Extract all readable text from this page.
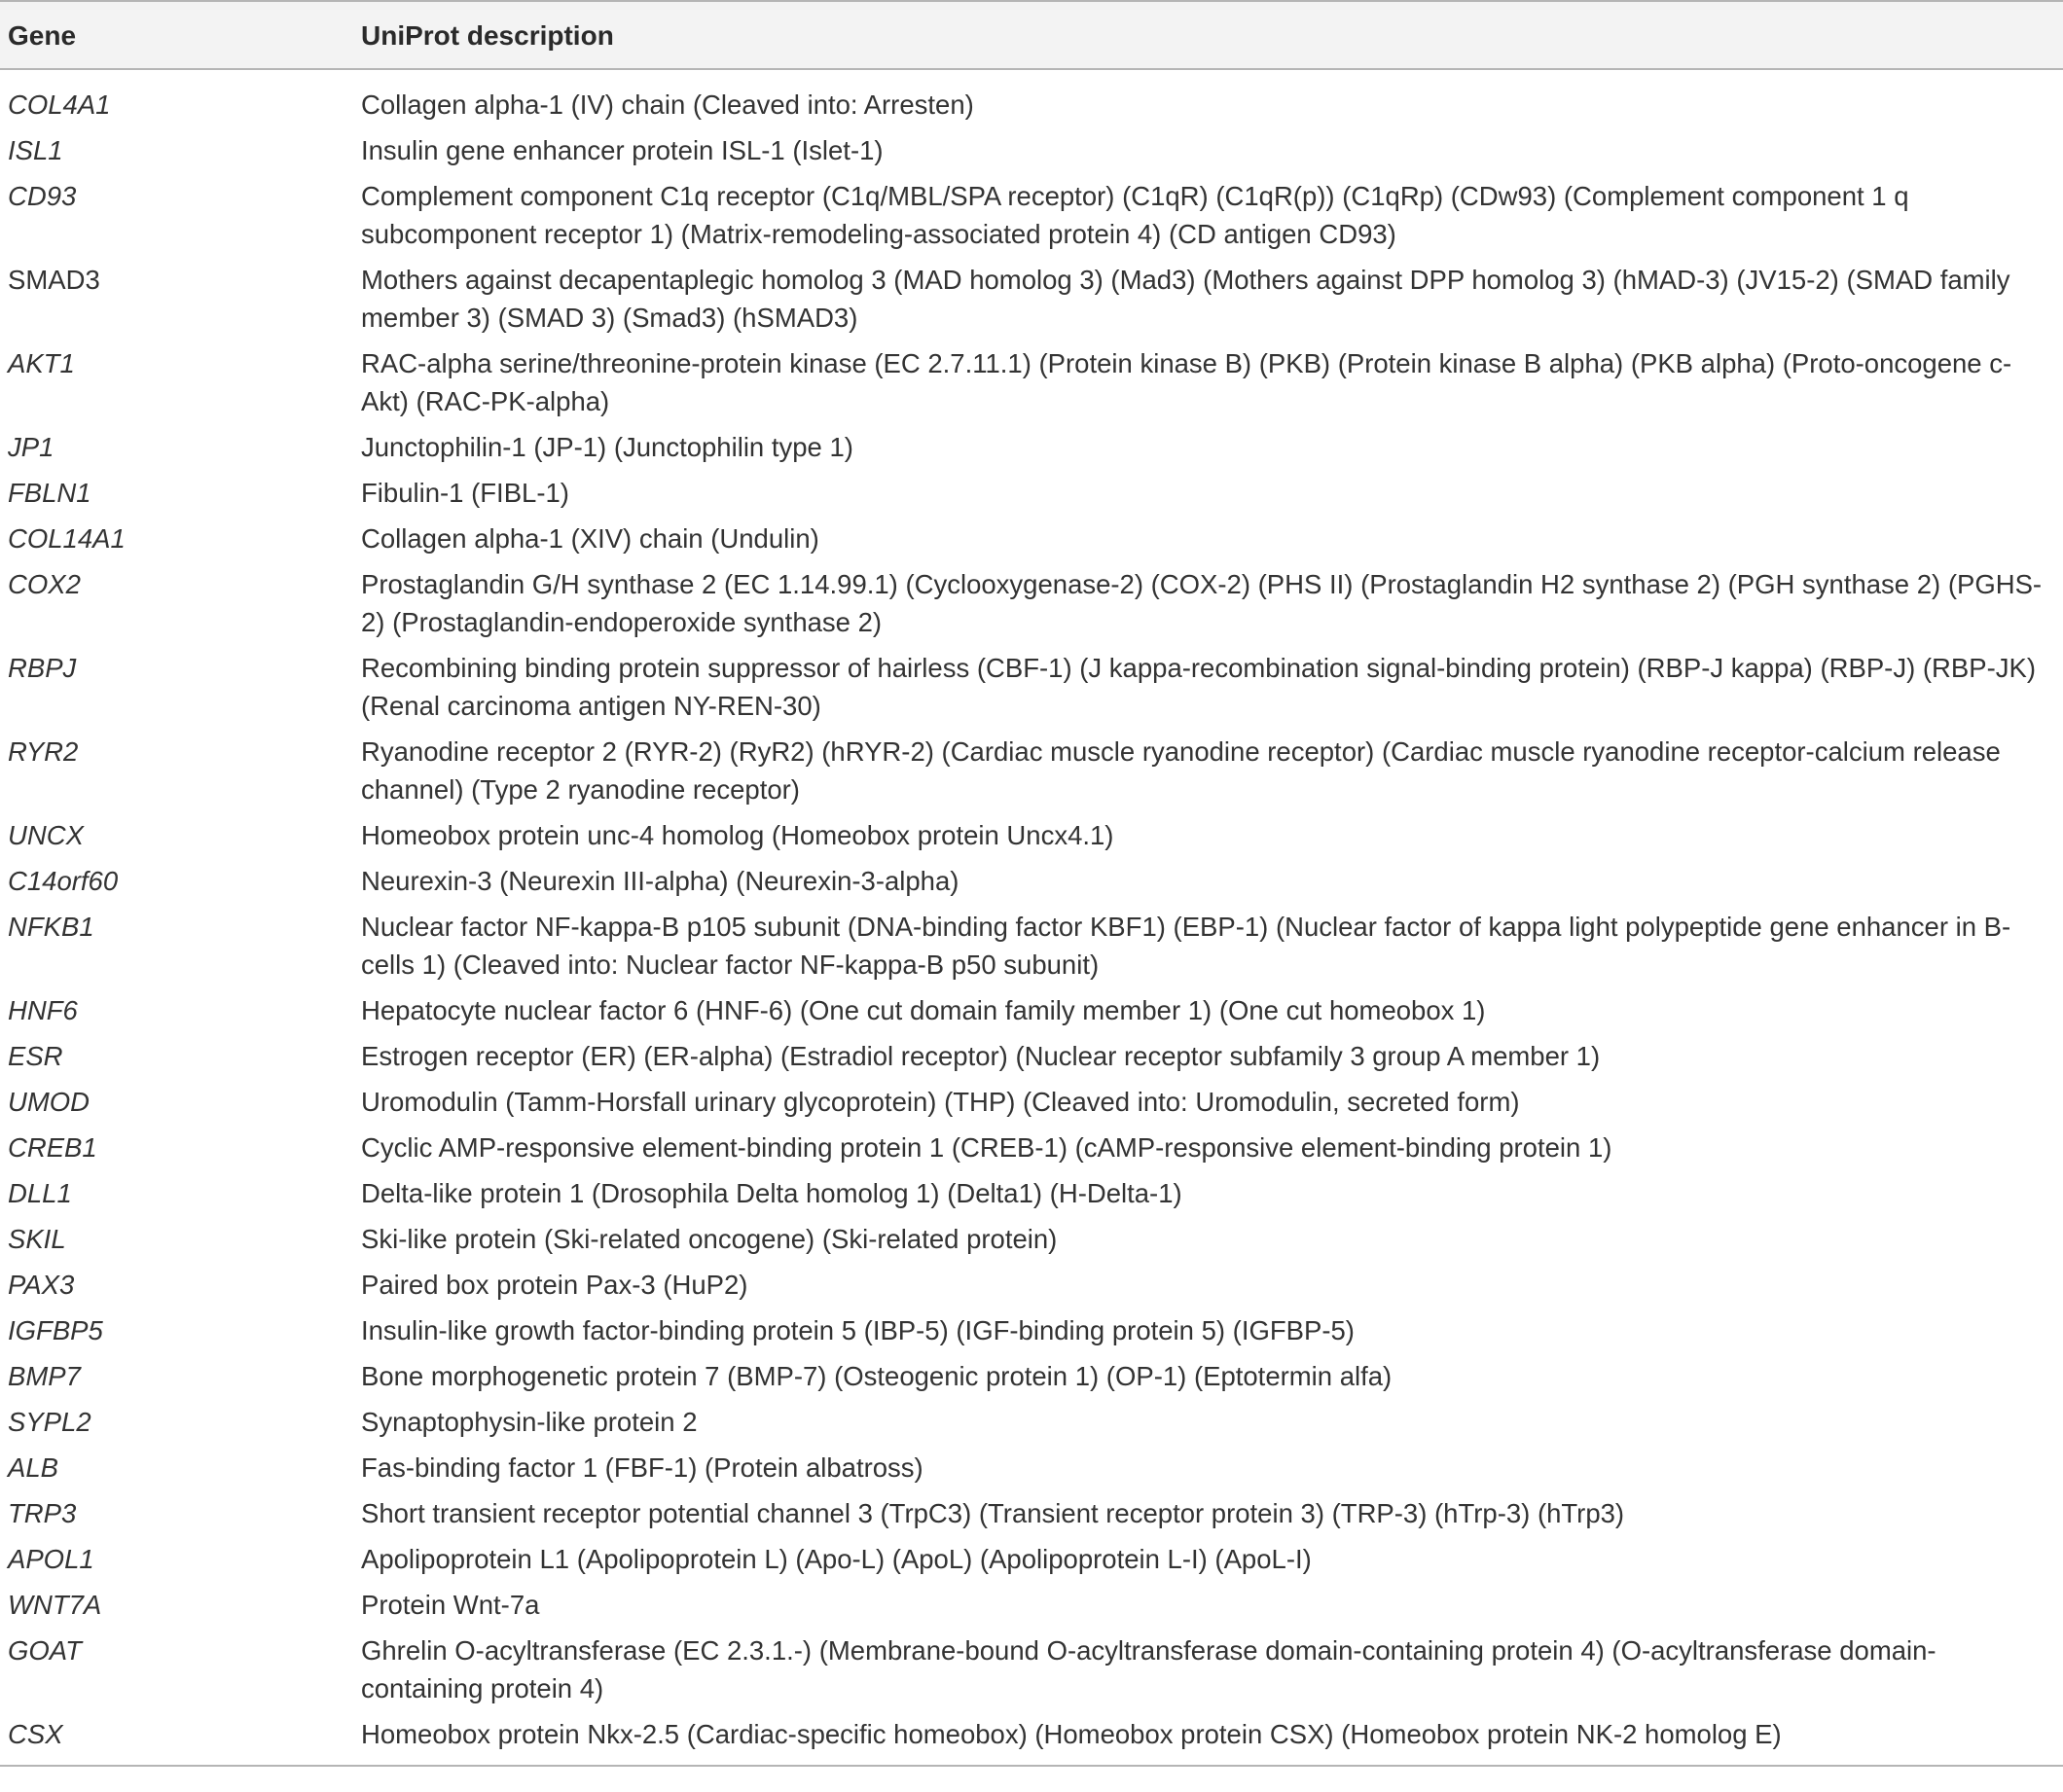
Gene	UniProt description
COL4A1	Collagen alpha-1 (IV) chain (Cleaved into: Arresten)
ISL1	Insulin gene enhancer protein ISL-1 (Islet-1)
CD93	Complement component C1q receptor (C1q/MBL/SPA receptor) (C1qR) (C1qR(p)) (C1qRp) (CDw93) (Complement component 1 q subcomponent receptor 1) (Matrix-remodeling-associated protein 4) (CD antigen CD93)
SMAD3	Mothers against decapentaplegic homolog 3 (MAD homolog 3) (Mad3) (Mothers against DPP homolog 3) (hMAD-3) (JV15-2) (SMAD family member 3) (SMAD 3) (Smad3) (hSMAD3)
AKT1	RAC-alpha serine/threonine-protein kinase (EC 2.7.11.1) (Protein kinase B) (PKB) (Protein kinase B alpha) (PKB alpha) (Proto-oncogene c-Akt) (RAC-PK-alpha)
JP1	Junctophilin-1 (JP-1) (Junctophilin type 1)
FBLN1	Fibulin-1 (FIBL-1)
COL14A1	Collagen alpha-1 (XIV) chain (Undulin)
COX2	Prostaglandin G/H synthase 2 (EC 1.14.99.1) (Cyclooxygenase-2) (COX-2) (PHS II) (Prostaglandin H2 synthase 2) (PGH synthase 2) (PGHS-2) (Prostaglandin-endoperoxide synthase 2)
RBPJ	Recombining binding protein suppressor of hairless (CBF-1) (J kappa-recombination signal-binding protein) (RBP-J kappa) (RBP-J) (RBP-JK) (Renal carcinoma antigen NY-REN-30)
RYR2	Ryanodine receptor 2 (RYR-2) (RyR2) (hRYR-2) (Cardiac muscle ryanodine receptor) (Cardiac muscle ryanodine receptor-calcium release channel) (Type 2 ryanodine receptor)
UNCX	Homeobox protein unc-4 homolog (Homeobox protein Uncx4.1)
C14orf60	Neurexin-3 (Neurexin III-alpha) (Neurexin-3-alpha)
NFKB1	Nuclear factor NF-kappa-B p105 subunit (DNA-binding factor KBF1) (EBP-1) (Nuclear factor of kappa light polypeptide gene enhancer in B-cells 1) (Cleaved into: Nuclear factor NF-kappa-B p50 subunit)
HNF6	Hepatocyte nuclear factor 6 (HNF-6) (One cut domain family member 1) (One cut homeobox 1)
ESR	Estrogen receptor (ER) (ER-alpha) (Estradiol receptor) (Nuclear receptor subfamily 3 group A member 1)
UMOD	Uromodulin (Tamm-Horsfall urinary glycoprotein) (THP) (Cleaved into: Uromodulin, secreted form)
CREB1	Cyclic AMP-responsive element-binding protein 1 (CREB-1) (cAMP-responsive element-binding protein 1)
DLL1	Delta-like protein 1 (Drosophila Delta homolog 1) (Delta1) (H-Delta-1)
SKIL	Ski-like protein (Ski-related oncogene) (Ski-related protein)
PAX3	Paired box protein Pax-3 (HuP2)
IGFBP5	Insulin-like growth factor-binding protein 5 (IBP-5) (IGF-binding protein 5) (IGFBP-5)
BMP7	Bone morphogenetic protein 7 (BMP-7) (Osteogenic protein 1) (OP-1) (Eptotermin alfa)
SYPL2	Synaptophysin-like protein 2
ALB	Fas-binding factor 1 (FBF-1) (Protein albatross)
TRP3	Short transient receptor potential channel 3 (TrpC3) (Transient receptor protein 3) (TRP-3) (hTrp-3) (hTrp3)
APOL1	Apolipoprotein L1 (Apolipoprotein L) (Apo-L) (ApoL) (Apolipoprotein L-I) (ApoL-I)
WNT7A	Protein Wnt-7a
GOAT	Ghrelin O-acyltransferase (EC 2.3.1.-) (Membrane-bound O-acyltransferase domain-containing protein 4) (O-acyltransferase domain-containing protein 4)
CSX	Homeobox protein Nkx-2.5 (Cardiac-specific homeobox) (Homeobox protein CSX) (Homeobox protein NK-2 homolog E)
